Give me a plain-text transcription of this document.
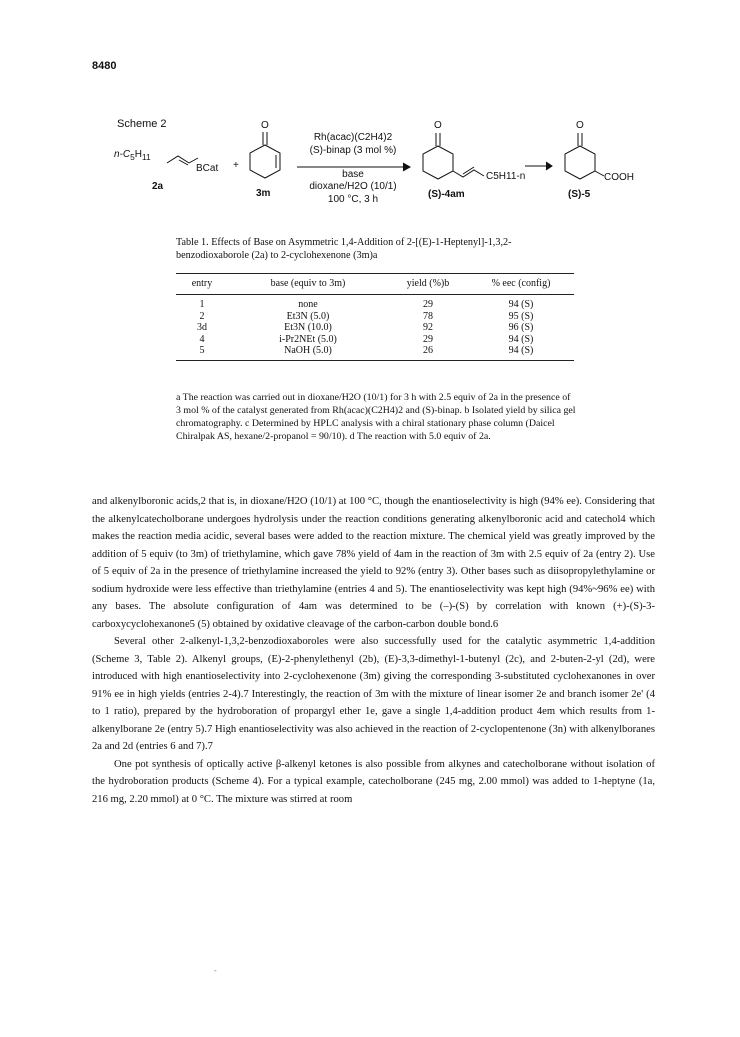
8480
Scheme 2
$n-C_5H_{11}$
BCat +
2a
O
3m
Rh(acac)(C2H4)2
(S)-binap (3 mol %)
base
dioxane/H2O (10/1)
100 °C, 3 h
O
C5H11-n
(S)-4am
O
COOH
(S)-5
Table 1. Effects of Base on Asymmetric 1,4-Addition of 2-[(E)-1-Heptenyl]-1,3,2-benzodioxaborole (2a) to 2-cyclohexenone (3m)a
entry	base (equiv to 3m)	yield (%)b	% eec (config)
1	none	29	94 (S)
2	Et3N (5.0)	78	95 (S)
3d	Et3N (10.0)	92	96 (S)
4	i-Pr2NEt (5.0)	29	94 (S)
5	NaOH (5.0)	26	94 (S)
a The reaction was carried out in dioxane/H2O (10/1) for 3 h with 2.5 equiv of 2a in the presence of 3 mol % of the catalyst generated from Rh(acac)(C2H4)2 and (S)-binap. b Isolated yield by silica gel chromatography. c Determined by HPLC analysis with a chiral stationary phase column (Daicel Chiralpak AS, hexane/2-propanol = 90/10). d The reaction with 5.0 equiv of 2a.

and alkenylboronic acids,2 that is, in dioxane/H2O (10/1) at 100 °C, though the enantioselectivity is high (94% ee). Considering that the alkenylcatecholborane undergoes hydrolysis under the reaction conditions generating alkenylboronic acid and catechol4 which makes the reaction media acidic, several bases were added to the reaction mixture. The chemical yield was greatly improved by the addition of 5 equiv (to 3m) of triethylamine, which gave 78% yield of 4am in the reaction of 3m with 2.5 equiv of 2a (entry 2). Use of 5 equiv of 2a in the presence of triethylamine increased the yield to 92% (entry 3). Other bases such as diisopropylethylamine or sodium hydroxide were less effective than triethylamine (entries 4 and 5). The enantioselectivity was kept high (94%~96% ee) with any bases. The absolute configuration of 4am was determined to be (–)-(S) by correlation with known (+)-(S)-3-carboxycyclohexanone5 (5) obtained by oxidative cleavage of the carbon-carbon double bond.6

Several other 2-alkenyl-1,3,2-benzodioxaboroles were also successfully used for the catalytic asymmetric 1,4-addition (Scheme 3, Table 2). Alkenyl groups, (E)-2-phenylethenyl (2b), (E)-3,3-dimethyl-1-butenyl (2c), and 2-buten-2-yl (2d), were introduced with high enantioselectivity into 2-cyclohexenone (3m) giving the corresponding 3-substituted cyclohexanones in over 91% ee in high yields (entries 2-4).7 Interestingly, the reaction of 3m with the mixture of linear isomer 2e and branch isomer 2e' (4 to 1 ratio), prepared by the hydroboration of propargyl ether 1e, gave a single 1,4-addition product 4em which results from 1-alkenylborane 2e (entry 5).7 High enantioselectivity was also achieved in the reaction of 2-cyclopentenone (3n) with alkenylboranes 2a and 2d (entries 6 and 7).7

One pot synthesis of optically active β-alkenyl ketones is also possible from alkynes and catecholborane without isolation of the hydroboration products (Scheme 4). For a typical example, catecholborane (245 mg, 2.00 mmol) was added to 1-heptyne (1a, 216 mg, 2.20 mmol) at 0 °C. The mixture was stirred at room

-
